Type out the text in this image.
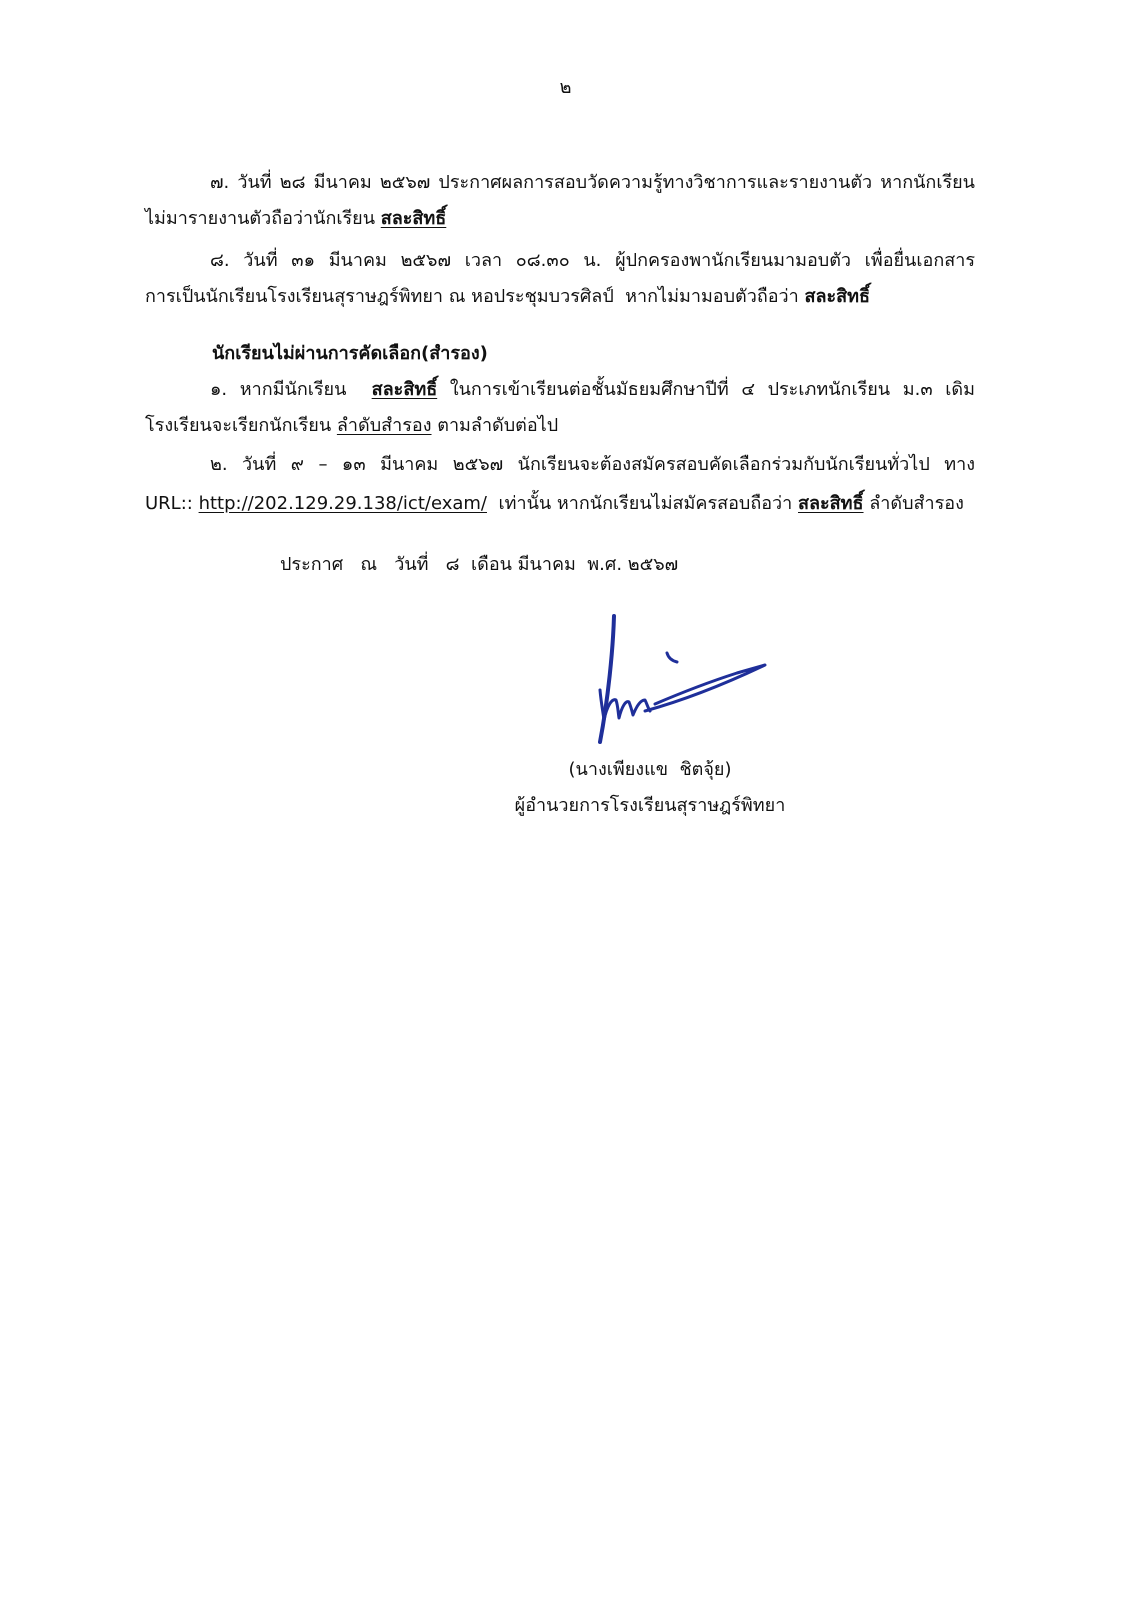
๒
๗. วันที่ ๒๘ มีนาคม ๒๕๖๗ ประกาศผลการสอบวัดความรู้ทางวิชาการและรายงานตัว หากนักเรียน
ไม่มารายงานตัวถือว่านักเรียน สละสิทธิ์
๘. วันที่ ๓๑ มีนาคม ๒๕๖๗ เวลา ๐๘.๓๐ น. ผู้ปกครองพานักเรียนมามอบตัว เพื่อยื่นเอกสาร
การเป็นนักเรียนโรงเรียนสุราษฎร์พิทยา ณ หอประชุมบวรศิลป์  หากไม่มามอบตัวถือว่า สละสิทธิ์
นักเรียนไม่ผ่านการคัดเลือก(สำรอง)
๑. หากมีนักเรียน สละสิทธิ์ ในการเข้าเรียนต่อชั้นมัธยมศึกษาปีที่ ๔ ประเภทนักเรียน ม.๓ เดิม
โรงเรียนจะเรียกนักเรียน ลำดับสำรอง ตามลำดับต่อไป
๒. วันที่ ๙ – ๑๓ มีนาคม ๒๕๖๗ นักเรียนจะต้องสมัครสอบคัดเลือกร่วมกับนักเรียนทั่วไป ทาง
URL:: http://202.129.29.138/ict/exam/ เท่านั้น หากนักเรียนไม่สมัครสอบถือว่า สละสิทธิ์ ลำดับสำรอง
ประกาศ   ณ   วันที่   ๘  เดือน มีนาคม  พ.ศ. ๒๕๖๗
(นางเพียงแข  ชิตจุ้ย)
ผู้อำนวยการโรงเรียนสุราษฎร์พิทยา
